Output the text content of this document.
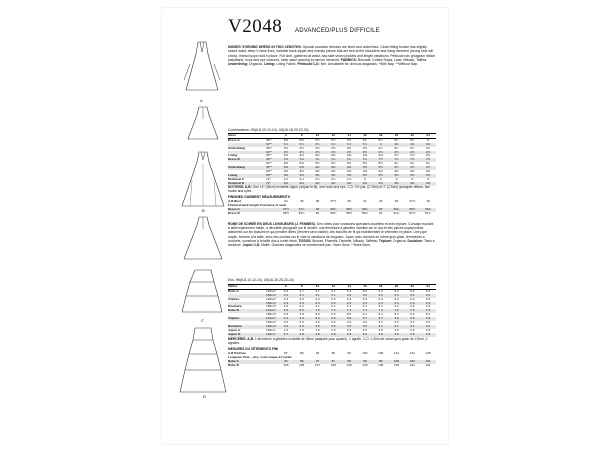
A
B
C
D
V2048 ADVANCED/PLUS DIFFICILE
MISSES' EVENING DRESS IN TWO LENGTHS: Special occasion dresses are lined and underlined. Close-fitting bodice has slightly raised waist, deep V-neck front, invisible back zipper and overlay pieces that are tied at the shoulders and hang hemmed (wrong side will show), thread loops hold in place. Full skirt, gathered at waist, has side seam pockets and length variations. Petticoat has grosgrain ribbon waistband, hook and eye closures, back waist opening to narrow hemmed. FABRICS: Brocade, Dotted Swiss, Lace, Mikado, Taffeta. Underlining: Organza. Lining: Lining Fabric. Petticoat C,D: Net. Unsuitable for obvious diagonals. *With Nap. **Without Nap.
Combinations: H5(6-8-10-12-14), U5(16-18-20-22-24)
Sizes	6	8	10	12	14	16	18	20	22	24
Dress A	45"*	5⅜	5⅜	5½	5½	5½	5¾	5¾	5¾	5¾	6
60"*	3⅞	3⅞	3⅞	3⅞	3⅞	3⅞	4	4⅛	4⅛	4⅛
Underlining	45"*	2½	2½	2½	2½	2½	2½	2¾	2¾	2¾	2¾
60"*	2½	2½	2½	2½	2½	2½	2½	2½	2½	2½
Lining	60"*	2⅜	2⅜	2⅜	2⅜	2⅜	2⅜	2⅜	2½	2½	2½
Dress B	45"*	7⅛	7⅛	7¼	7¼	7¼	7¼	7½	7½	7½	7½
60"*	5⅜	5⅜	5½	5½	5½	5½	5½	5¾	5¾	5¾
Underlining	45"*	3⅜	3⅜	3⅜	3⅜	3⅜	3½	3½	3½	3½	3½
60"*	3⅜	3⅜	3⅜	3⅜	3⅜	3⅜	3⅜	3⅜	3⅜	3⅜
Lining	60"*	3⅜	3⅜	3⅜	3⅜	3⅜	3½	3½	3½	3½	3½
Petticoat C	72"	2⅞	2⅞	2⅞	2⅞	2⅞	3	3	3	3	3
Petticoat D	72"	4⅛	4⅛	4⅛	4⅛	4⅛	4⅜	4⅜	4⅜	4⅜	4⅜
NOTIONS: A,B: One 14" (36cm) invisible zipper (adjust to fit), one hook and eye. C,D: 2½ yds. (2.30m) of 1" (2.5cm) grosgrain ribbon, two hooks and eyes.
FINISHED GARMENT MEASUREMENTS
A,B Bust	34	35	36	37½	39	41	43	45	47½	49
Finished back length from base of neck
Dress A	37½	37¾	38	38¼	38½	38¾	39	39¼	39½	39¾
Dress B	49½	49¾	50	50¼	50½	50¾	51	51¼	51½	51¾
ROBE DE SOIRÉE EN DEUX LONGUEURS (J. FEMMES): Des robes pour occasions spéciales doublées et avec triplure. Corsage moulant à taille légèrement haute, à décolleté plongeant sur le devant, une fermeture à glissière invisible sur le dos et des pièces superposées attachées sur les épaules et qui pendent libres (l'envers sera visible); des boucles de fil qui maintiennent le vêtement en place. Une jupe ample, froncée à la taille, avec des poches sur le côté et variations de longueur. Jupon avec ceinture en ruban gros-grain, fermetures à crochets, ouverture à la taille dos à ourlet étroit. TISSUS: Brocart, Plumetis, Dentelle, Mikado, Taffetas. Triplure: Organza. Doublure: Tissu à doublure. Jupon C,D: Maille. Grandes diagonales ne conviennent pas. *Avec Sens. **Sans Sens.
Ens. H5(6-8-10-12-14), U5(16-18-20-22-24)
Tailles	6	8	10	12	14	16	18	20	22	24
Robe A	115cm*	4.6	4.7	4.7	4.7	5.1	5.2	5.3	5.4	5.4	5.4
150cm*	3.1	3.1	3.1	3.1	3.2	3.2	3.2	3.3	3.4	3.4
Triplure	115cm*	2.3	2.3	2.3	2.3	2.3	2.3	2.4	2.4	2.4	2.5
150cm*	2.3	2.3	2.3	2.3	2.3	2.3	2.3	2.3	2.3	2.3
Doublure	150cm*	2.0	2.1	2.1	2.1	2.1	2.1	2.1	2.2	2.2	2.2
Robe B	115cm*	6.9	6.9	7.0	7.0	7.1	7.1	7.2	7.2	7.2	7.3
150cm*	4.9	4.9	5.0	5.0	5.0	5.1	5.1	5.2	5.2	5.2
Triplure	115cm*	3.4	3.4	3.4	3.5	3.5	3.7	3.7	3.8	3.9	3.9
150cm*	3.2	3.2	3.2	3.2	3.2	3.2	3.2	3.2	3.2	3.2
Doublure	150cm*	2.9	2.9	3.0	3.0	3.0	3.0	3.1	3.1	3.1	3.2
Jupon C	183cm	1.5	1.5	1.5	1.5	1.5	1.5	1.5	1.5	1.5	1.5
Jupon D	183cm	3.7	3.8	3.8	3.8	3.9	3.9	3.9	3.9	3.9	3.9
MERCERIE: A,B: 1 fermeture à glissière invisible de 36cm (adaptée pour ajuster), 1 agrafe. C,D: 2,30m de ruban gros-grain de 2,5cm, 2 agrafes.
MESURES DU VÊTEMENTS FINI
A,B Poitrine	87	89	92	95	99	104	109	114	121	125
Longueur finie – dos, votre nuque à l'ourlet
Robe A	95	96	97	97	98	99	99	100	100	101
Robe B	126	126	127	128	128	129	130	130	131	131
